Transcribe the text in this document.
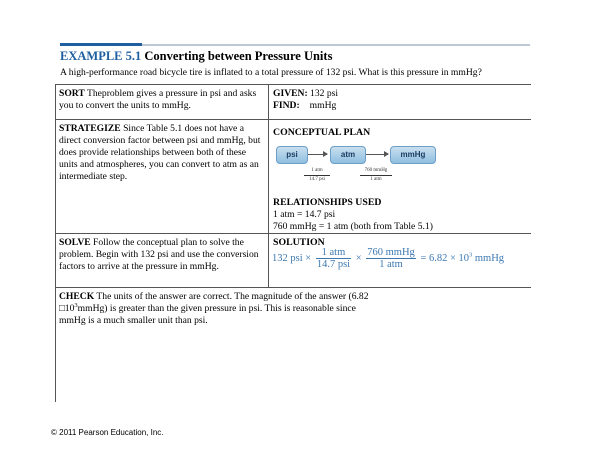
EXAMPLE 5.1 Converting between Pressure Units
A high-performance road bicycle tire is inflated to a total pressure of 132 psi. What is this pressure in mmHg?
SORT Theproblem gives a pressure in psi and asks you to convert the units to mmHg.
GIVEN: 132 psi
FIND: mmHg
STRATEGIZE Since Table 5.1 does not have a direct conversion factor between psi and mmHg, but does provide relationships between both of these units and atmospheres, you can convert to atm as an intermediate step.
CONCEPTUAL PLAN
psi	atm	mmHg
1 atm
14.7 psi
760 mmHg
1 atm
RELATIONSHIPS USED
1 atm = 14.7 psi
760 mmHg = 1 atm (both from Table 5.1)
SOLVE Follow the conceptual plan to solve the problem. Begin with 132 psi and use the conversion factors to arrive at the pressure in mmHg.
SOLUTION
132 psi × $\frac{\text{1 atm}}{\text{14.7 psi}} \times \frac{\text{760 mmHg}}{\text{1 atm}} = 6.82 \times 10^3$ mmHg
CHECK The units of the answer are correct. The magnitude of the answer (6.82 $□10^3mmHg$) is greater than the given pressure in psi. This is reasonable since mmHg is a much smaller unit than psi.
© 2011 Pearson Education, Inc.
